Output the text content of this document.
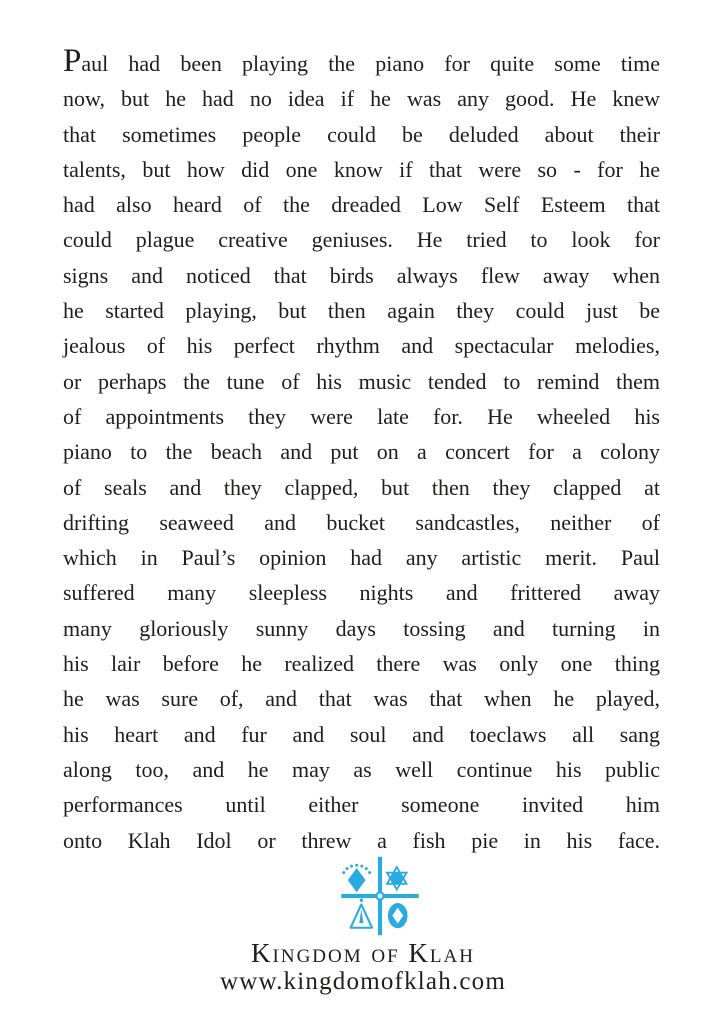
Paul had been playing the piano for quite some time
now, but he had no idea if he was any good. He knew
that sometimes people could be deluded about their
talents, but how did one know if that were so - for he
had also heard of the dreaded Low Self Esteem that
could plague creative geniuses. He tried to look for
signs and noticed that birds always flew away when
he started playing, but then again they could just be
jealous of his perfect rhythm and spectacular melodies,
or perhaps the tune of his music tended to remind them
of appointments they were late for. He wheeled his
piano to the beach and put on a concert for a colony
of seals and they clapped, but then they clapped at
drifting seaweed and bucket sandcastles, neither of
which in Paul’s opinion had any artistic merit. Paul
suffered many sleepless nights and frittered away
many gloriously sunny days tossing and turning in
his lair before he realized there was only one thing
he was sure of, and that was that when he played,
his heart and fur and soul and toeclaws all sang
along too, and he may as well continue his public
performances until either someone invited him
onto Klah Idol or threw a fish pie in his face.
Kingdom of Klah
www.kingdomofklah.com
